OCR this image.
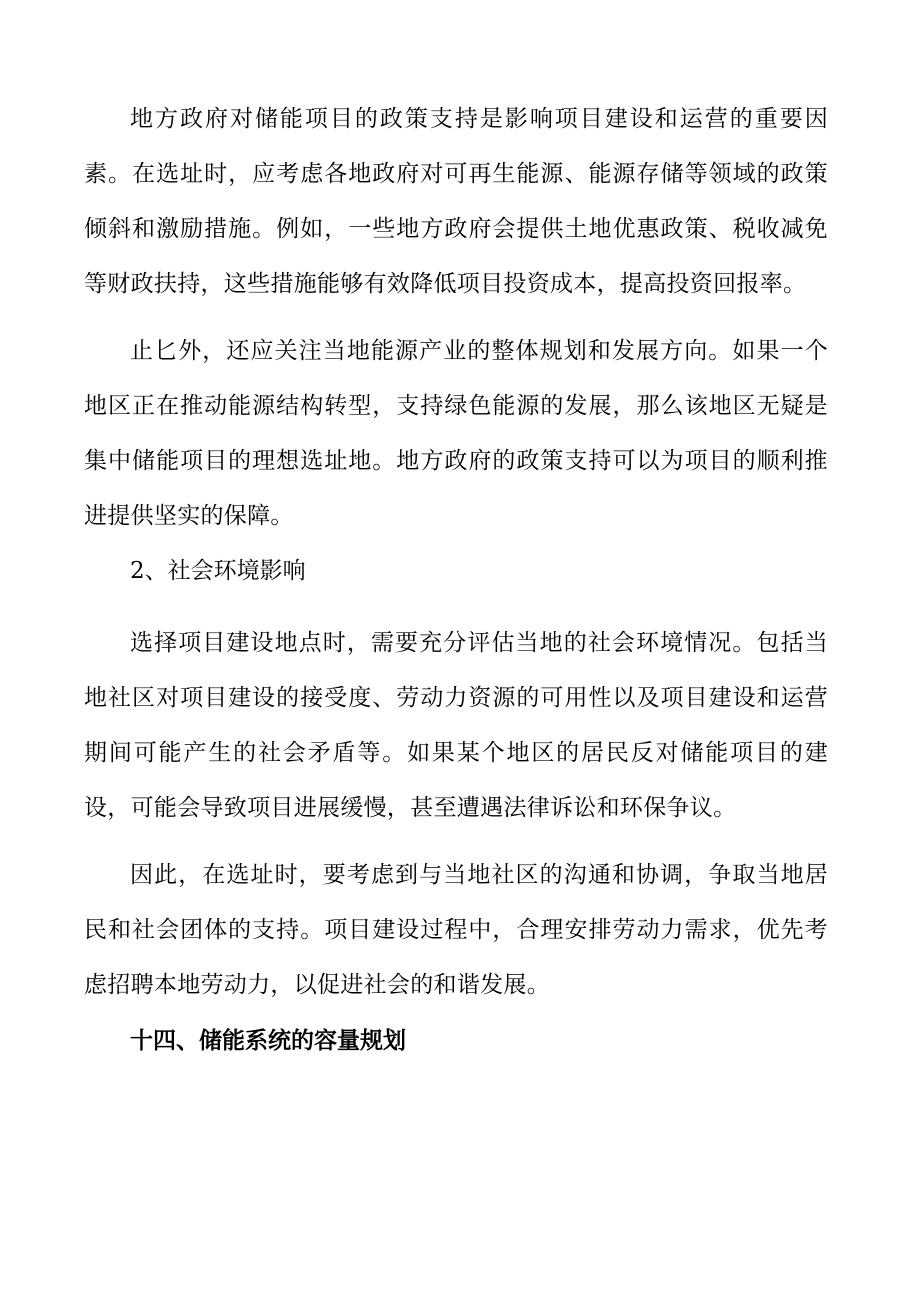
地方政府对储能项目的政策支持是影响项目建设和运营的重要因素。在选址时，应考虑各地政府对可再生能源、能源存储等领域的政策倾斜和激励措施。例如，一些地方政府会提供土地优惠政策、税收减免等财政扶持，这些措施能够有效降低项目投资成本，提高投资回报率。

止匕外，还应关注当地能源产业的整体规划和发展方向。如果一个地区正在推动能源结构转型，支持绿色能源的发展，那么该地区无疑是集中储能项目的理想选址地。地方政府的政策支持可以为项目的顺利推进提供坚实的保障。

2、社会环境影响

选择项目建设地点时，需要充分评估当地的社会环境情况。包括当地社区对项目建设的接受度、劳动力资源的可用性以及项目建设和运营期间可能产生的社会矛盾等。如果某个地区的居民反对储能项目的建设，可能会导致项目进展缓慢，甚至遭遇法律诉讼和环保争议。

因此，在选址时，要考虑到与当地社区的沟通和协调，争取当地居民和社会团体的支持。项目建设过程中，合理安排劳动力需求，优先考虑招聘本地劳动力，以促进社会的和谐发展。

十四、储能系统的容量规划
